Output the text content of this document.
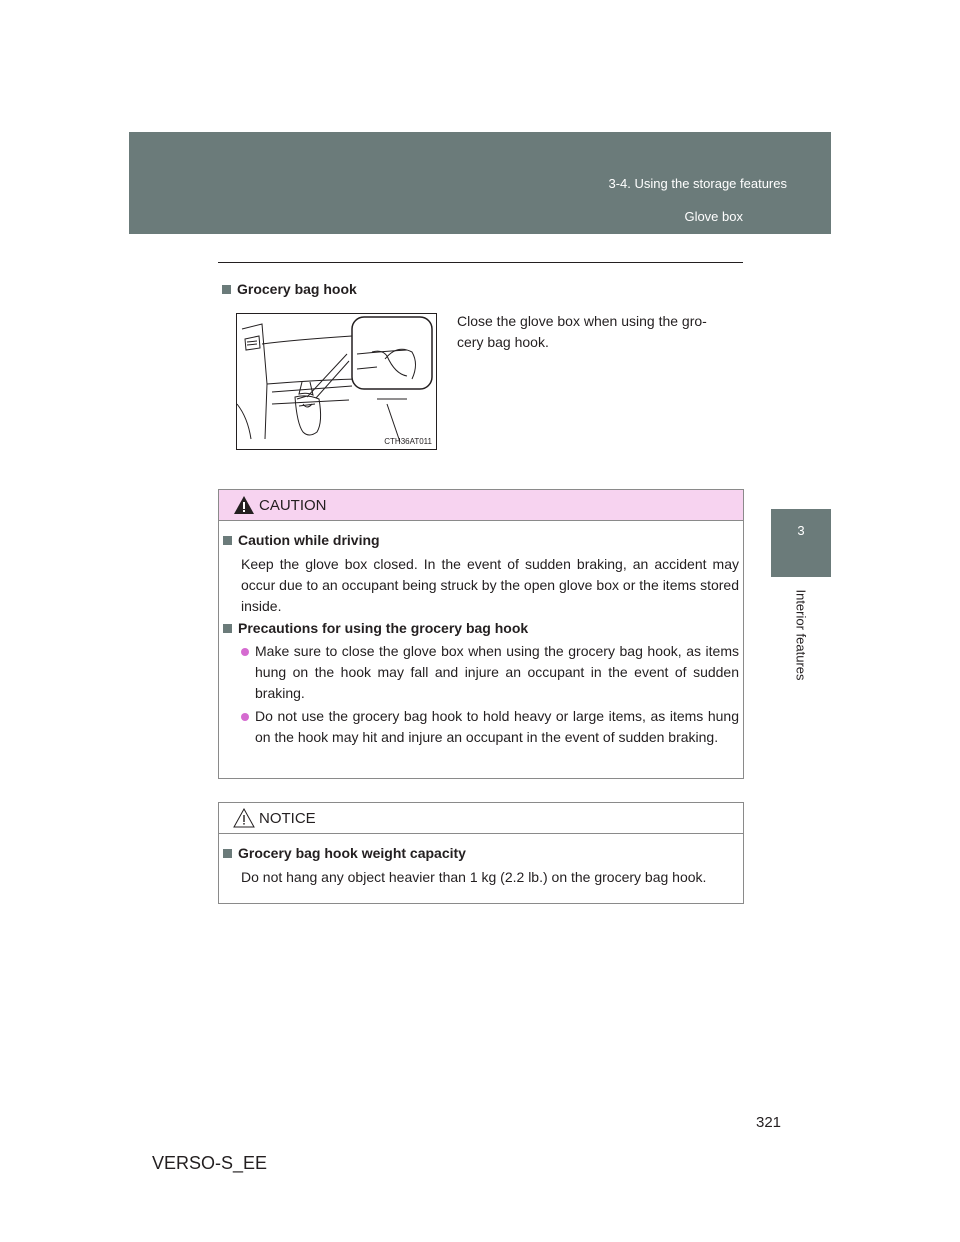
3-4. Using the storage features
Glove box
3
Interior features
Grocery bag hook
CTH36AT011
Close the glove box when using the gro-
cery bag hook.
CAUTION
Caution while driving
Keep the glove box closed. In the event of sudden braking, an accident may occur due to an occupant being struck by the open glove box or the items stored inside.
Precautions for using the grocery bag hook
Make sure to close the glove box when using the grocery bag hook, as items hung on the hook may fall and injure an occupant in the event of sudden braking.
Do not use the grocery bag hook to hold heavy or large items, as items hung on the hook may hit and injure an occupant in the event of sudden braking.
NOTICE
Grocery bag hook weight capacity
Do not hang any object heavier than 1 kg (2.2 lb.) on the grocery bag hook.
321
VERSO-S_EE
